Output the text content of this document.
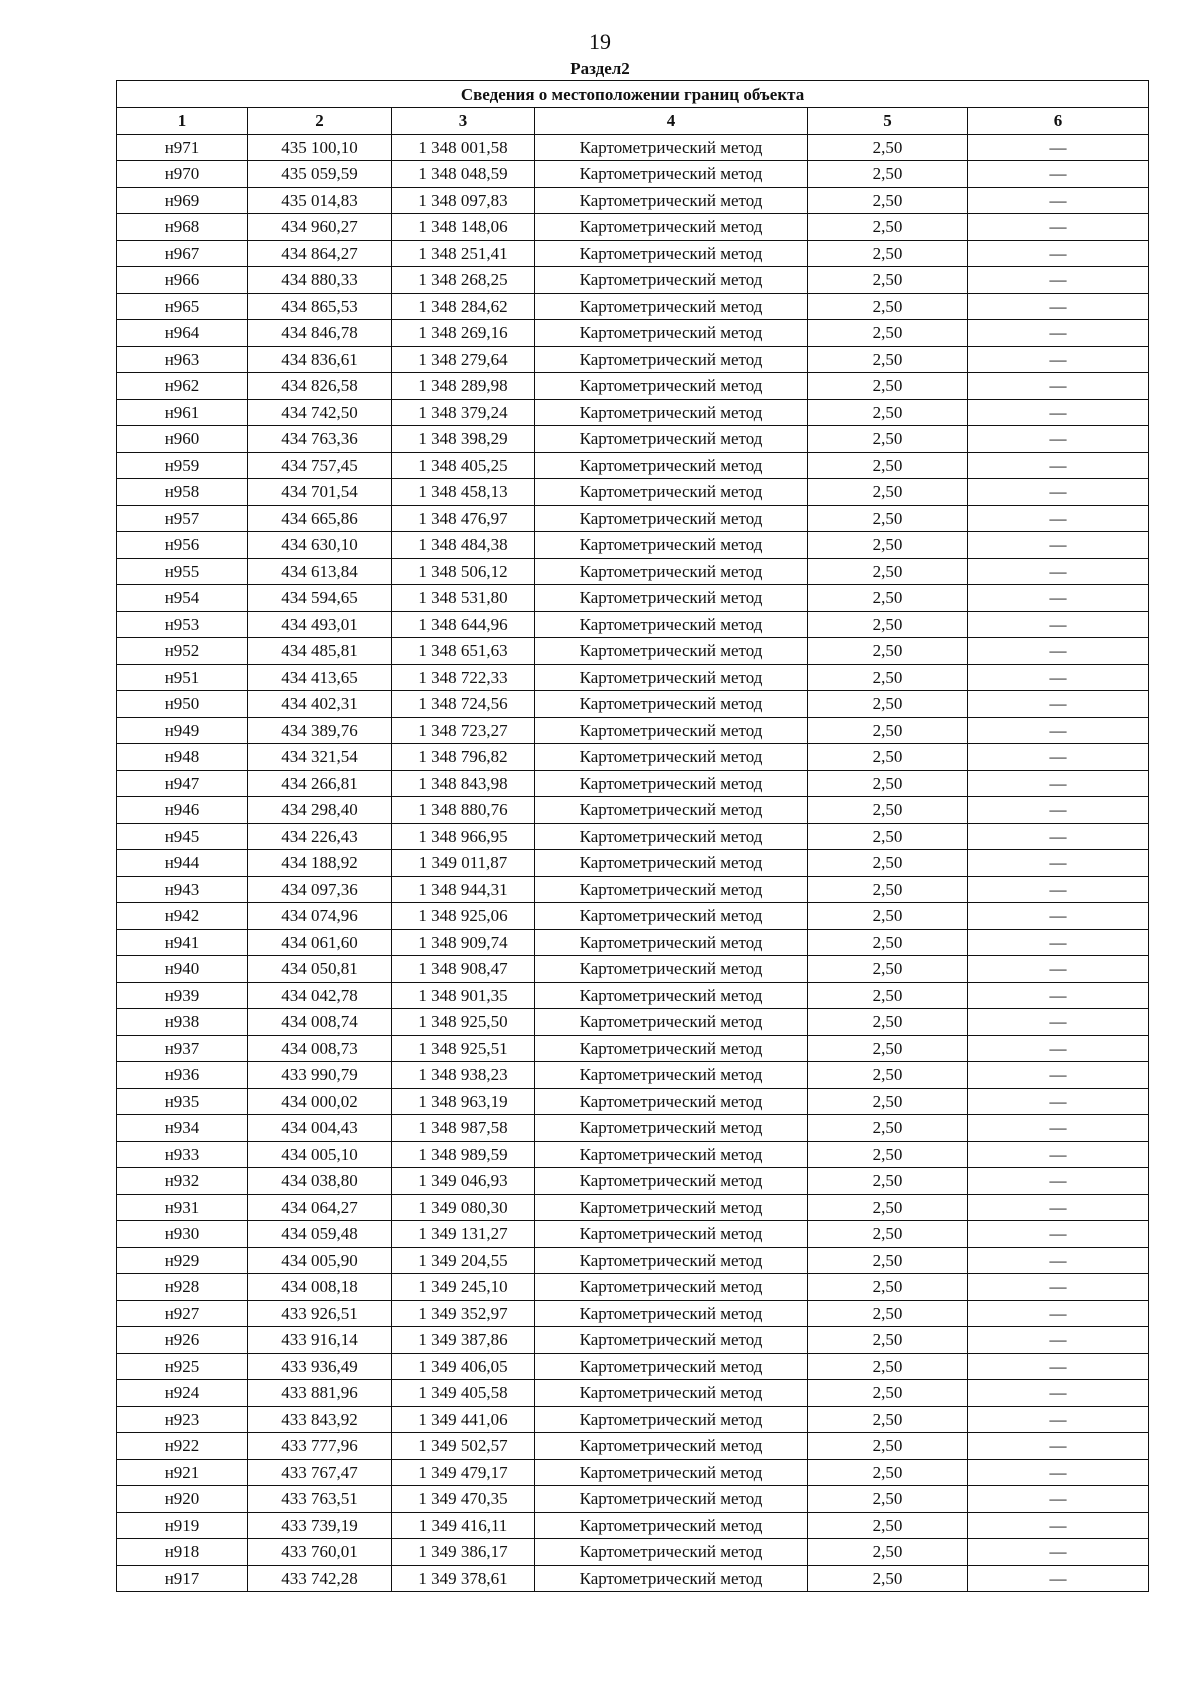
19
Раздел2
Сведения о местоположении границ объекта					
1	2	3	4	5	6
н971	435 100,10	1 348 001,58	Картометрический метод	2,50	—
н970	435 059,59	1 348 048,59	Картометрический метод	2,50	—
н969	435 014,83	1 348 097,83	Картометрический метод	2,50	—
н968	434 960,27	1 348 148,06	Картометрический метод	2,50	—
н967	434 864,27	1 348 251,41	Картометрический метод	2,50	—
н966	434 880,33	1 348 268,25	Картометрический метод	2,50	—
н965	434 865,53	1 348 284,62	Картометрический метод	2,50	—
н964	434 846,78	1 348 269,16	Картометрический метод	2,50	—
н963	434 836,61	1 348 279,64	Картометрический метод	2,50	—
н962	434 826,58	1 348 289,98	Картометрический метод	2,50	—
н961	434 742,50	1 348 379,24	Картометрический метод	2,50	—
н960	434 763,36	1 348 398,29	Картометрический метод	2,50	—
н959	434 757,45	1 348 405,25	Картометрический метод	2,50	—
н958	434 701,54	1 348 458,13	Картометрический метод	2,50	—
н957	434 665,86	1 348 476,97	Картометрический метод	2,50	—
н956	434 630,10	1 348 484,38	Картометрический метод	2,50	—
н955	434 613,84	1 348 506,12	Картометрический метод	2,50	—
н954	434 594,65	1 348 531,80	Картометрический метод	2,50	—
н953	434 493,01	1 348 644,96	Картометрический метод	2,50	—
н952	434 485,81	1 348 651,63	Картометрический метод	2,50	—
н951	434 413,65	1 348 722,33	Картометрический метод	2,50	—
н950	434 402,31	1 348 724,56	Картометрический метод	2,50	—
н949	434 389,76	1 348 723,27	Картометрический метод	2,50	—
н948	434 321,54	1 348 796,82	Картометрический метод	2,50	—
н947	434 266,81	1 348 843,98	Картометрический метод	2,50	—
н946	434 298,40	1 348 880,76	Картометрический метод	2,50	—
н945	434 226,43	1 348 966,95	Картометрический метод	2,50	—
н944	434 188,92	1 349 011,87	Картометрический метод	2,50	—
н943	434 097,36	1 348 944,31	Картометрический метод	2,50	—
н942	434 074,96	1 348 925,06	Картометрический метод	2,50	—
н941	434 061,60	1 348 909,74	Картометрический метод	2,50	—
н940	434 050,81	1 348 908,47	Картометрический метод	2,50	—
н939	434 042,78	1 348 901,35	Картометрический метод	2,50	—
н938	434 008,74	1 348 925,50	Картометрический метод	2,50	—
н937	434 008,73	1 348 925,51	Картометрический метод	2,50	—
н936	433 990,79	1 348 938,23	Картометрический метод	2,50	—
н935	434 000,02	1 348 963,19	Картометрический метод	2,50	—
н934	434 004,43	1 348 987,58	Картометрический метод	2,50	—
н933	434 005,10	1 348 989,59	Картометрический метод	2,50	—
н932	434 038,80	1 349 046,93	Картометрический метод	2,50	—
н931	434 064,27	1 349 080,30	Картометрический метод	2,50	—
н930	434 059,48	1 349 131,27	Картометрический метод	2,50	—
н929	434 005,90	1 349 204,55	Картометрический метод	2,50	—
н928	434 008,18	1 349 245,10	Картометрический метод	2,50	—
н927	433 926,51	1 349 352,97	Картометрический метод	2,50	—
н926	433 916,14	1 349 387,86	Картометрический метод	2,50	—
н925	433 936,49	1 349 406,05	Картометрический метод	2,50	—
н924	433 881,96	1 349 405,58	Картометрический метод	2,50	—
н923	433 843,92	1 349 441,06	Картометрический метод	2,50	—
н922	433 777,96	1 349 502,57	Картометрический метод	2,50	—
н921	433 767,47	1 349 479,17	Картометрический метод	2,50	—
н920	433 763,51	1 349 470,35	Картометрический метод	2,50	—
н919	433 739,19	1 349 416,11	Картометрический метод	2,50	—
н918	433 760,01	1 349 386,17	Картометрический метод	2,50	—
н917	433 742,28	1 349 378,61	Картометрический метод	2,50	—
